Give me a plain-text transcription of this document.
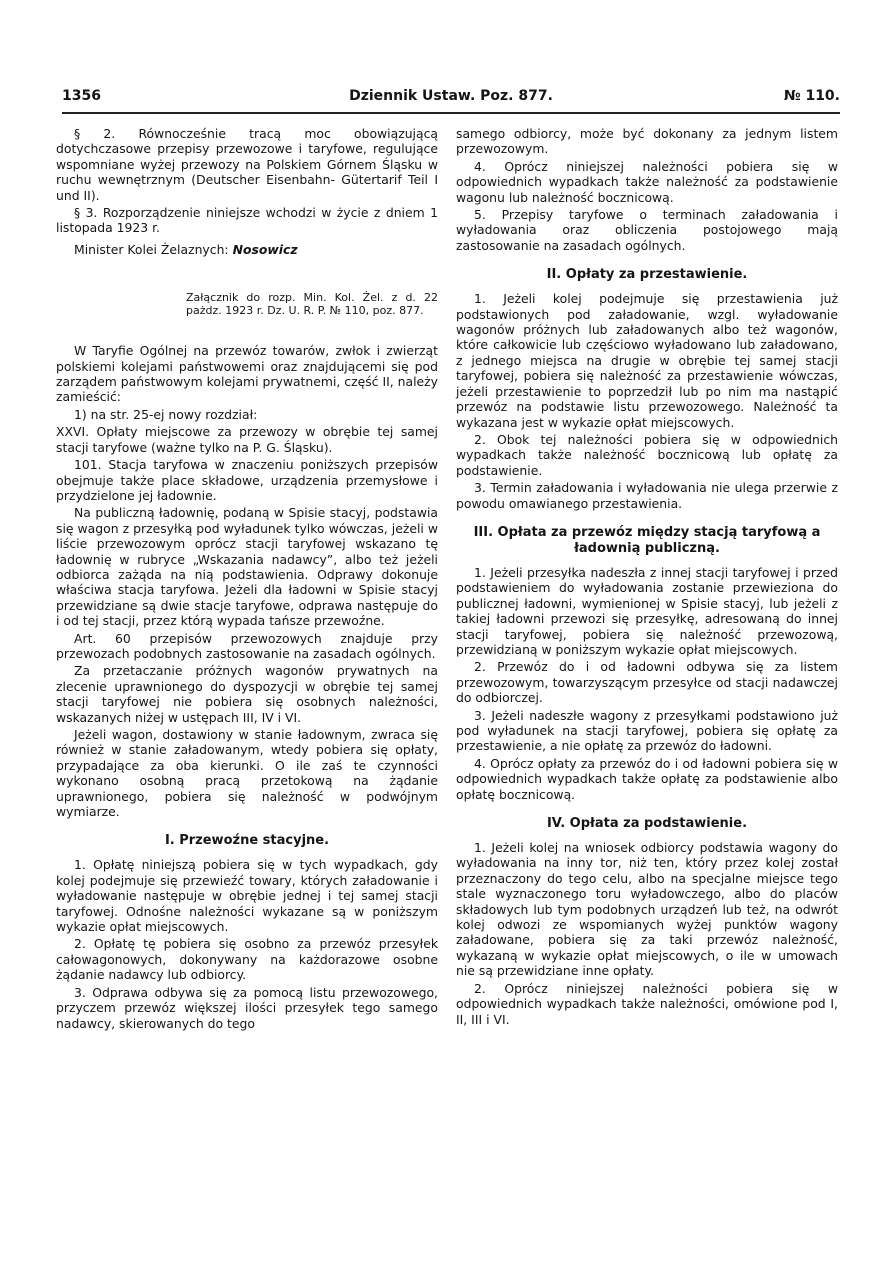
1356	Dziennik Ustaw. Poz. 877.	№ 110.

§ 2. Równocześnie tracą moc obowiązującą dotychczasowe przepisy przewozowe i taryfowe, regulujące wspomniane wyżej przewozy na Polskiem Górnem Śląsku w ruchu wewnętrznym (Deutscher Eisenbahn- Gütertarif Teil I und II).

§ 3. Rozporządzenie niniejsze wchodzi w życie z dniem 1 listopada 1923 r.

Minister Kolei Żelaznych: Nosowicz

Załącznik do rozp. Min. Kol. Żel. z d. 22 pażdz. 1923 r. Dz. U. R. P. № 110, poz. 877.

W Taryfie Ogólnej na przewóz towarów, zwłok i zwierząt polskiemi kolejami państwowemi oraz znajdującemi się pod zarządem państwowym kolejami prywatnemi, część II, należy zamieścić:

1) na str. 25-ej nowy rozdział:

XXVI. Opłaty miejscowe za przewozy w obrębie tej samej stacji taryfowe (ważne tylko na P. G. Śląsku).

101. Stacja taryfowa w znaczeniu poniższych przepisów obejmuje także place składowe, urządzenia przemysłowe i przydzielone jej ładownie.

Na publiczną ładownię, podaną w Spisie stacyj, podstawia się wagon z przesyłką pod wyładunek tylko wówczas, jeżeli w liście przewozowym oprócz stacji taryfowej wskazano tę ładownię w rubryce „Wskazania nadawcy”, albo też jeżeli odbiorca zażąda na nią podstawienia. Odprawy dokonuje właściwa stacja taryfowa. Jeżeli dla ładowni w Spisie stacyj przewidziane są dwie stacje taryfowe, odprawa następuje do i od tej stacji, przez którą wypada tańsze przewoźne.

Art. 60 przepisów przewozowych znajduje przy przewozach podobnych zastosowanie na zasadach ogólnych.

Za przetaczanie próżnych wagonów prywatnych na zlecenie uprawnionego do dyspozycji w obrębie tej samej stacji taryfowej nie pobiera się osobnych należności, wskazanych niżej w ustępach III, IV i VI.

Jeżeli wagon, dostawiony w stanie ładownym, zwraca się również w stanie załadowanym, wtedy pobiera się opłaty, przypadające za oba kierunki. O ile zaś te czynności wykonano osobną pracą przetokową na żądanie uprawnionego, pobiera się należność w podwójnym wymiarze.

I. Przewoźne stacyjne.

1. Opłatę niniejszą pobiera się w tych wypadkach, gdy kolej podejmuje się przewieźć towary, których załadowanie i wyładowanie następuje w obrębie jednej i tej samej stacji taryfowej. Odnośne należności wykazane są w poniższym wykazie opłat miejscowych.

2. Opłatę tę pobiera się osobno za przewóz przesyłek całowagonowych, dokonywany na każdorazowe osobne żądanie nadawcy lub odbiorcy.

3. Odprawa odbywa się za pomocą listu przewozowego, przyczem przewóz większej ilości przesyłek tego samego nadawcy, skierowanych do tego

samego odbiorcy, może być dokonany za jednym listem przewozowym.

4. Oprócz niniejszej należności pobiera się w odpowiednich wypadkach także należność za podstawienie wagonu lub należność bocznicową.

5. Przepisy taryfowe o terminach załadowania i wyładowania oraz obliczenia postojowego mają zastosowanie na zasadach ogólnych.

II. Opłaty za przestawienie.

1. Jeżeli kolej podejmuje się przestawienia już podstawionych pod załadowanie, wzgl. wyładowanie wagonów próżnych lub załadowanych albo też wagonów, które całkowicie lub częściowo wyładowano lub załadowano, z jednego miejsca na drugie w obrębie tej samej stacji taryfowej, pobiera się należność za przestawienie wówczas, jeżeli przestawienie to poprzedził lub po nim ma nastąpić przewóz na podstawie listu przewozowego. Należność ta wykazana jest w wykazie opłat miejscowych.

2. Obok tej należności pobiera się w odpowiednich wypadkach także należność bocznicową lub opłatę za podstawienie.

3. Termin załadowania i wyładowania nie ulega przerwie z powodu omawianego przestawienia.

III. Opłata za przewóz między stacją taryfową a ładownią publiczną.

1. Jeżeli przesyłka nadeszła z innej stacji taryfowej i przed podstawieniem do wyładowania zostanie przewieziona do publicznej ładowni, wymienionej w Spisie stacyj, lub jeżeli z takiej ładowni przewozi się przesyłkę, adresowaną do innej stacji taryfowej, pobiera się należność przewozową, przewidzianą w poniższym wykazie opłat miejscowych.

2. Przewóz do i od ładowni odbywa się za listem przewozowym, towarzyszącym przesyłce od stacji nadawczej do odbiorczej.

3. Jeżeli nadeszłe wagony z przesyłkami podstawiono już pod wyładunek na stacji taryfowej, pobiera się opłatę za przestawienie, a nie opłatę za przewóz do ładowni.

4. Oprócz opłaty za przewóz do i od ładowni pobiera się w odpowiednich wypadkach także opłatę za podstawienie albo opłatę bocznicową.

IV. Opłata za podstawienie.

1. Jeżeli kolej na wniosek odbiorcy podstawia wagony do wyładowania na inny tor, niż ten, który przez kolej został przeznaczony do tego celu, albo na specjalne miejsce tego stale wyznaczonego toru wyładowczego, albo do placów składowych lub tym podobnych urządzeń lub też, na odwrót kolej odwozi ze wspomianych wyżej punktów wagony załadowane, pobiera się za taki przewóz należność, wykazaną w wykazie opłat miejscowych, o ile w umowach nie są przewidziane inne opłaty.

2. Oprócz niniejszej należności pobiera się w odpowiednich wypadkach także należności, omówione pod I, II, III i VI.
